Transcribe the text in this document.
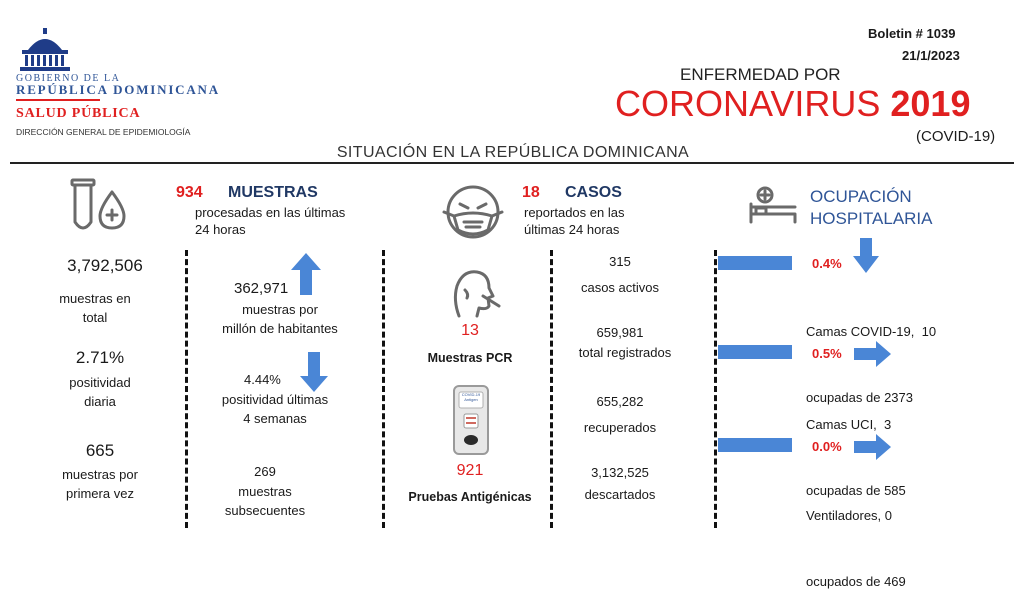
GOBIERNO DE LA
REPÚBLICA DOMINICANA
SALUD PÚBLICA
DIRECCIÓN GENERAL DE EPIDEMIOLOGÍA
Boletin # 1039
21/1/2023
ENFERMEDAD POR
CORONAVIRUS 2019
(COVID-19)
SITUACIÓN EN LA REPÚBLICA DOMINICANA
934 MUESTRAS
procesadas en las últimas
24 horas
3,792,506
muestras en
total
2.71%
positividad
diaria
665
muestras por
primera vez
362,971
muestras por
millón de habitantes
4.44%
positividad últimas
4 semanas
269
muestras
subsecuentes
18 CASOS
reportados en las
últimas 24 horas
13
Muestras PCR
COVID-19 Antigen
921
Pruebas Antigénicas
315
casos activos
659,981
total registrados
655,282
recuperados
3,132,525
descartados
OCUPACIÓN
HOSPITALARIA
0.4%

Camas COVID-19,  10

ocupadas de 2373

0.5%

Camas UCI,  3

ocupadas de 585

0.0%

Ventiladores, 0

ocupados de 469
